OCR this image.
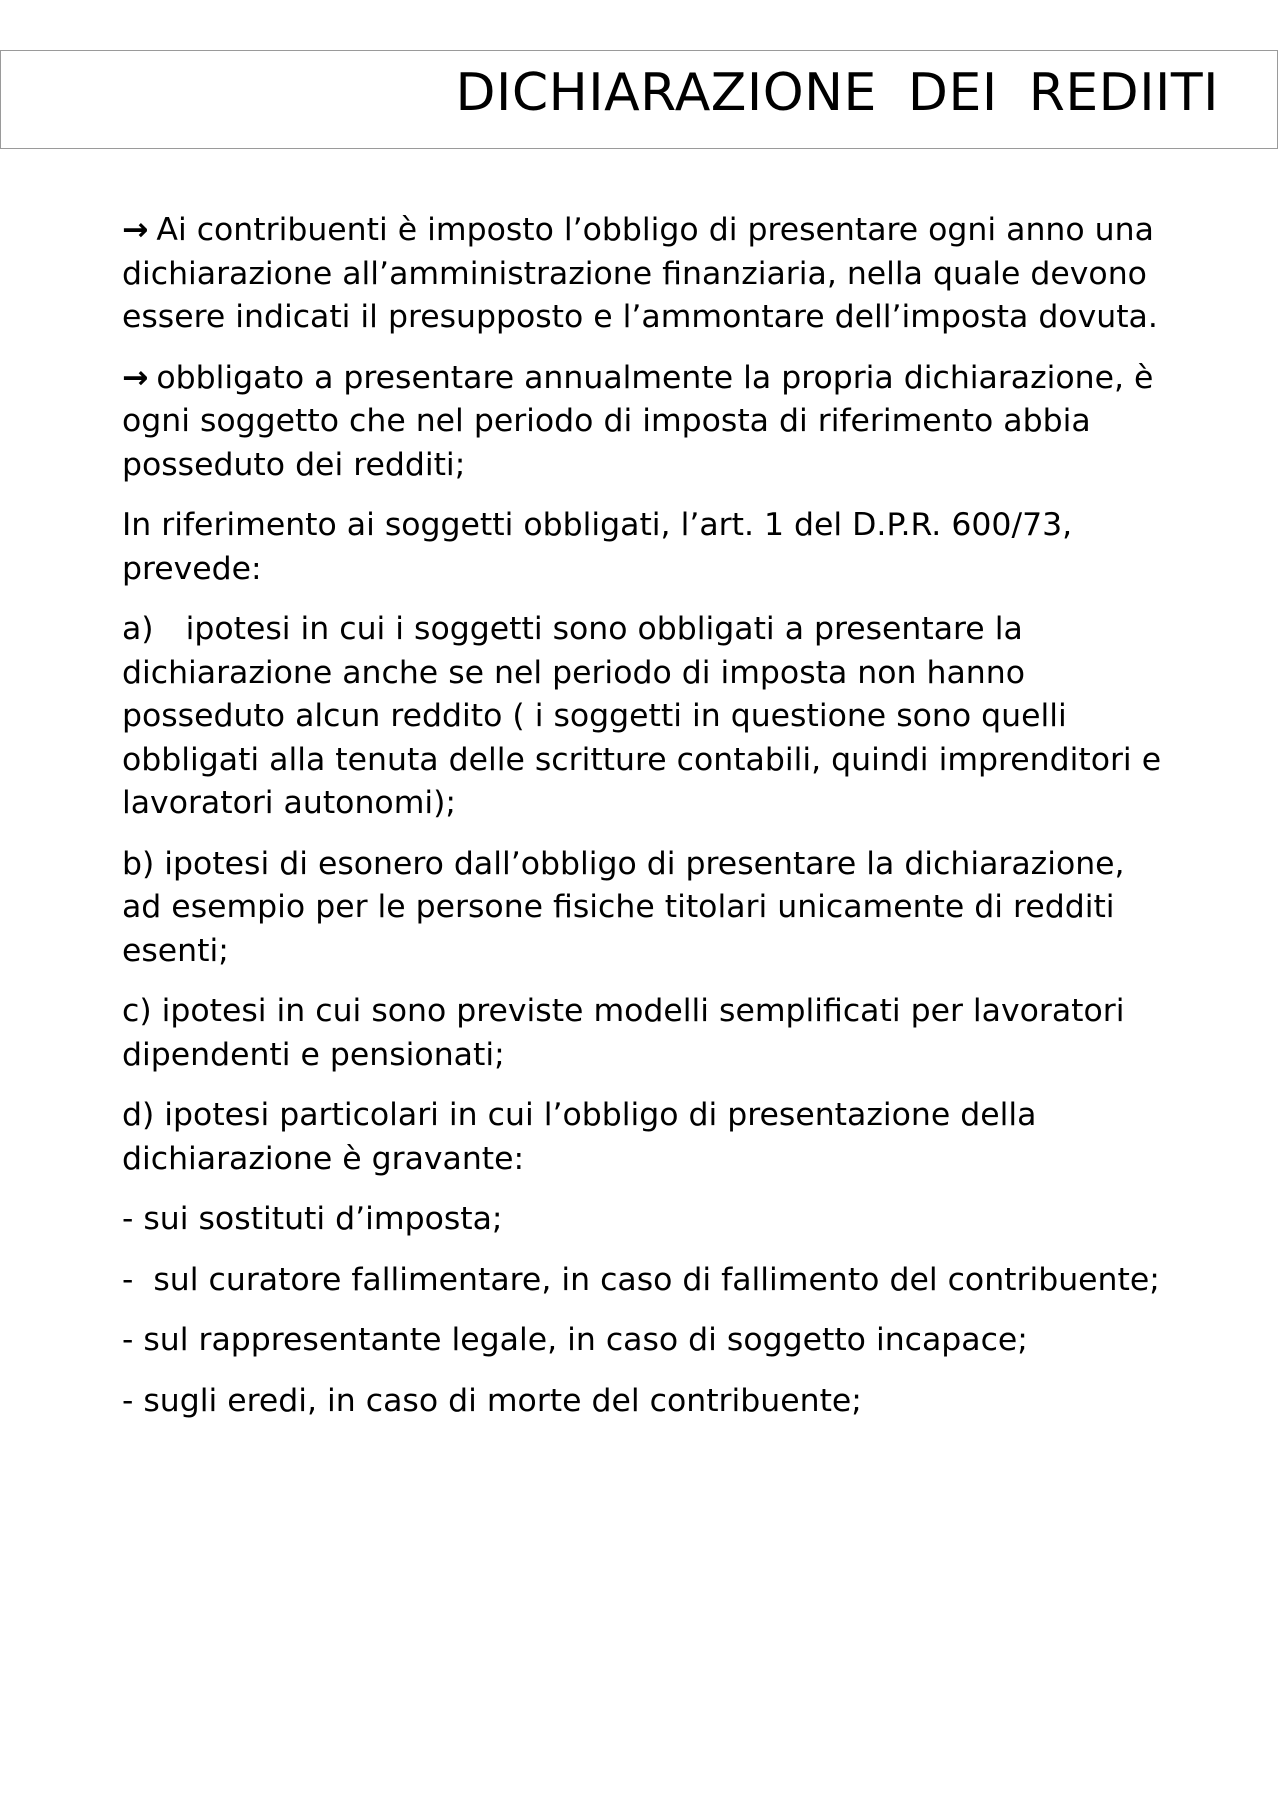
DICHIARAZIONE DEI REDIITI

→ Ai contribuenti è imposto l’obbligo di presentare ogni anno una dichiarazione all’amministrazione finanziaria, nella quale devono essere indicati il presupposto e l’ammontare dell’imposta dovuta.

→ obbligato a presentare annualmente la propria dichiarazione, è ogni soggetto che nel periodo di imposta di riferimento abbia posseduto dei redditi;

In riferimento ai soggetti obbligati, l’art. 1 del D.P.R. 600/73, prevede:

a) ipotesi in cui i soggetti sono obbligati a presentare la dichiarazione anche se nel periodo di imposta non hanno posseduto alcun reddito ( i soggetti in questione sono quelli obbligati alla tenuta delle scritture contabili, quindi imprenditori e lavoratori autonomi);

b) ipotesi di esonero dall’obbligo di presentare la dichiarazione, ad esempio per le persone fisiche titolari unicamente di redditi esenti;

c) ipotesi in cui sono previste modelli semplificati per lavoratori dipendenti e pensionati;

d) ipotesi particolari in cui l’obbligo di presentazione della dichiarazione è gravante:

- sui sostituti d’imposta;

-  sul curatore fallimentare, in caso di fallimento del contribuente;

- sul rappresentante legale, in caso di soggetto incapace;

- sugli eredi, in caso di morte del contribuente;
